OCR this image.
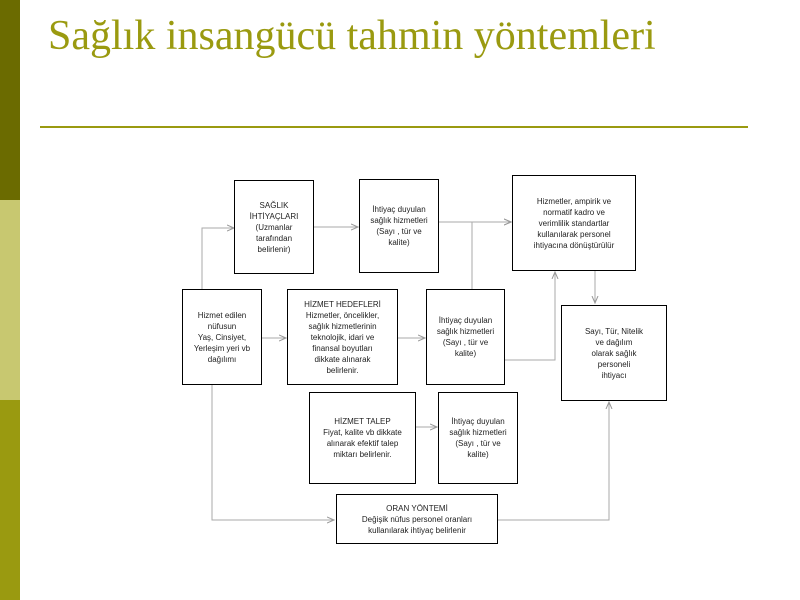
Sağlık insangücü tahmin yöntemleri
SAĞLIK
İHTİYAÇLARI
(Uzmanlar
tarafından
belirlenir)
İhtiyaç duyulan
sağlık hizmetleri
(Sayı , tür ve
kalite)
Hizmetler, ampirik ve
normatif kadro ve
verimlilik standartlar
kullanılarak personel
ihtiyacına dönüştürülür
Hizmet edilen
nüfusun
Yaş, Cinsiyet,
Yerleşim yeri vb
dağılımı
HİZMET HEDEFLERİ
Hizmetler, öncelikler,
sağlık hizmetlerinin
teknolojik, idari ve
finansal boyutları
dikkate alınarak
belirlenir.
İhtiyaç duyulan
sağlık hizmetleri
(Sayı , tür ve
kalite)
Sayı, Tür, Nitelik
ve dağılım
olarak sağlık
personeli
ihtiyacı
HİZMET TALEP
Fiyat, kalite vb dikkate
alınarak efektif talep
miktarı belirlenir.
İhtiyaç duyulan
sağlık hizmetleri
(Sayı , tür ve
kalite)
ORAN YÖNTEMİ
Değişik nüfus personel oranları
kullanılarak ihtiyaç belirlenir
